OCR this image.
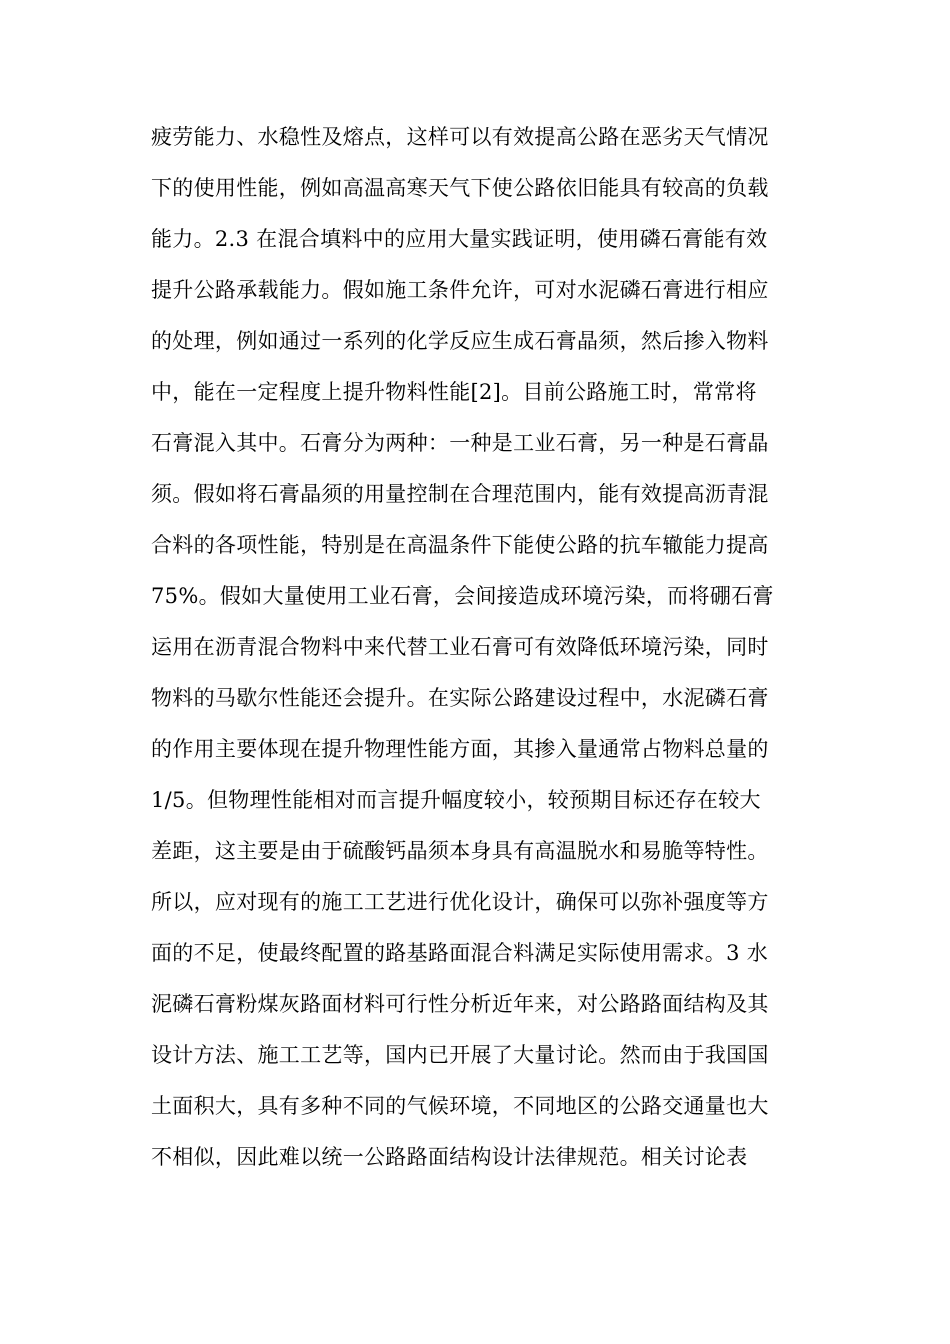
疲劳能力、水稳性及熔点，这样可以有效提高公路在恶劣天气情况
下的使用性能，例如高温高寒天气下使公路依旧能具有较高的负载
能力。2.3 在混合填料中的应用大量实践证明，使用磷石膏能有效
提升公路承载能力。假如施工条件允许，可对水泥磷石膏进行相应
的处理，例如通过一系列的化学反应生成石膏晶须，然后掺入物料
中，能在一定程度上提升物料性能[2]。目前公路施工时，常常将
石膏混入其中。石膏分为两种：一种是工业石膏，另一种是石膏晶
须。假如将石膏晶须的用量控制在合理范围内，能有效提高沥青混
合料的各项性能，特别是在高温条件下能使公路的抗车辙能力提高
75%。假如大量使用工业石膏，会间接造成环境污染，而将硼石膏
运用在沥青混合物料中来代替工业石膏可有效降低环境污染，同时
物料的马歇尔性能还会提升。在实际公路建设过程中，水泥磷石膏
的作用主要体现在提升物理性能方面，其掺入量通常占物料总量的
1/5。但物理性能相对而言提升幅度较小，较预期目标还存在较大
差距，这主要是由于硫酸钙晶须本身具有高温脱水和易脆等特性。
所以，应对现有的施工工艺进行优化设计，确保可以弥补强度等方
面的不足，使最终配置的路基路面混合料满足实际使用需求。3 水
泥磷石膏粉煤灰路面材料可行性分析近年来，对公路路面结构及其
设计方法、施工工艺等，国内已开展了大量讨论。然而由于我国国
土面积大，具有多种不同的气候环境，不同地区的公路交通量也大
不相似，因此难以统一公路路面结构设计法律规范。相关讨论表
